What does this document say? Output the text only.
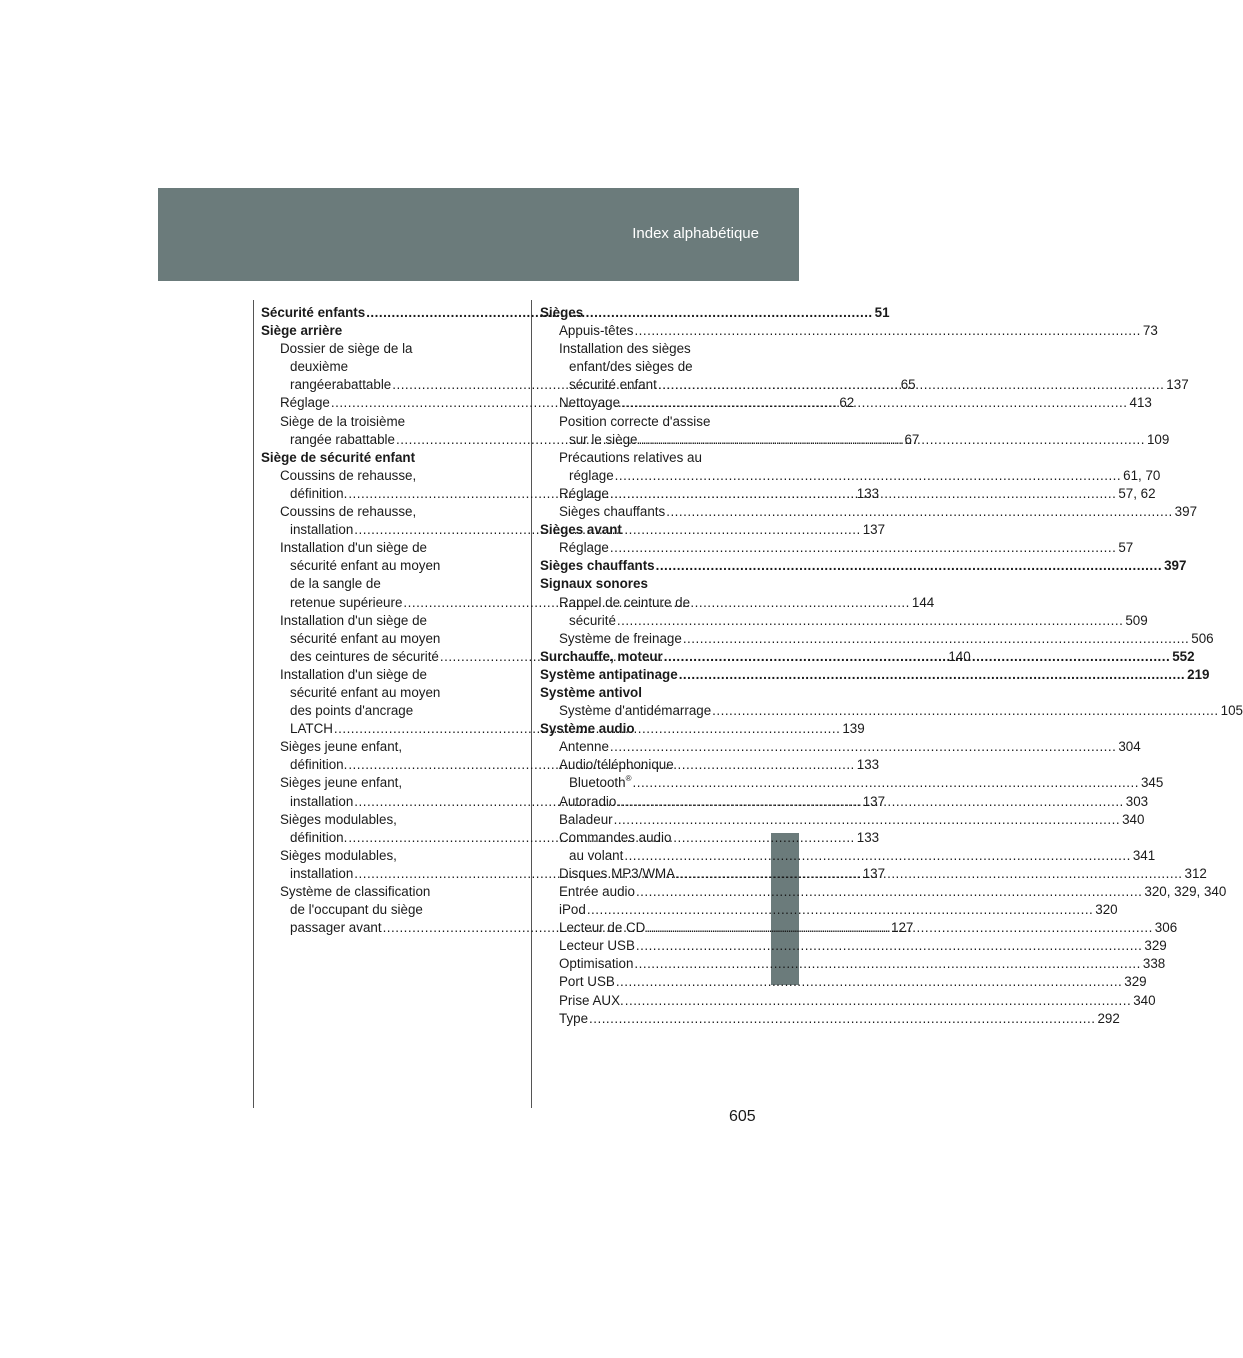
Index alphabétique
Sécurité enfants .....	51
Siège arrière
Dossier de siège de la
deuxième
rangéerabattable .....	65
Réglage .....	62
Siège de la troisième
rangée rabattable .....	67
Siège de sécurité enfant
Coussins de rehausse,
définition. .....	133
Coussins de rehausse,
installation .....	137
Installation d'un siège de
sécurité enfant au moyen
de la sangle de
retenue supérieure .....	144
Installation d'un siège de
sécurité enfant au moyen
des ceintures de sécurité .....	140
Installation d'un siège de
sécurité enfant au moyen
des points d'ancrage
LATCH .....	139
Sièges jeune enfant,
définition. .....	133
Sièges jeune enfant,
installation .....	137
Sièges modulables,
définition. .....	133
Sièges modulables,
installation .....	137
Système de classification
de l'occupant du siège
passager avant .....	127
Sièges
Appuis-têtes .....	73
Installation des sièges
enfant/des sièges de
sécurité enfant .....	137
Nettoyage .....	413
Position correcte d'assise
sur le siège .....	109
Précautions relatives au
réglage .....	61, 70
Réglage .....	57, 62
Sièges chauffants .....	397
Sièges avant
Réglage .....	57
Sièges chauffants .....	397
Signaux sonores
Rappel de ceinture de
sécurité .....	509
Système de freinage .....	506
Surchauffe, moteur .....	552
Système antipatinage .....	219
Système antivol
Système d'antidémarrage .....	105
Système audio
Antenne .....	304
Audio/téléphonique
Bluetooth® .....	345
Autoradio .....	303
Baladeur .....	340
Commandes audio
au volant .....	341
Disques MP3/WMA .....	312
Entrée audio .....	320, 329, 340
iPod .....	320
Lecteur de CD .....	306
Lecteur USB .....	329
Optimisation .....	338
Port USB .....	329
Prise AUX. .....	340
Type .....	292
605
